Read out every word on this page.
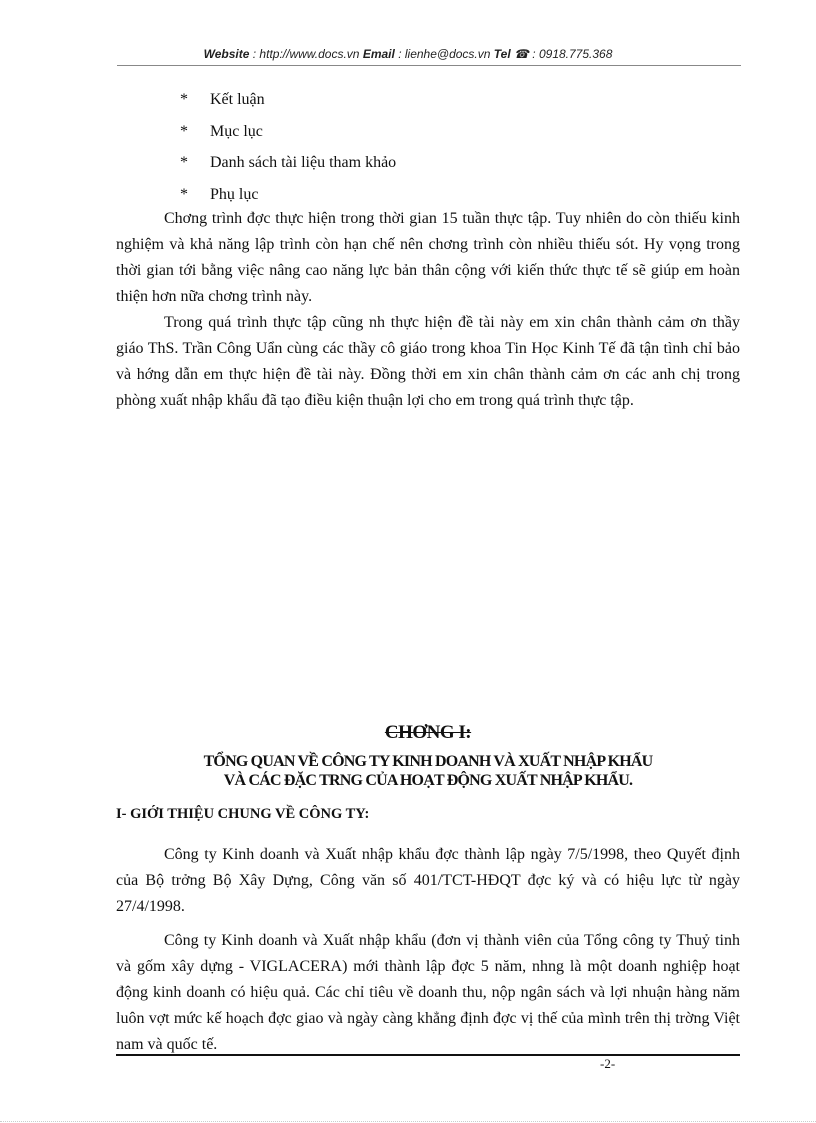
Website : http://www.docs.vn Email : lienhe@docs.vn Tel ☎ : 0918.775.368
* Kết luận
* Mục lục
* Danh sách tài liệu tham khảo
* Phụ lục

Chơng trình đợc thực hiện trong thời gian 15 tuần thực tập. Tuy nhiên do còn thiếu kinh nghiệm và khả năng lập trình còn hạn chế nên chơng trình còn nhiều thiếu sót. Hy vọng trong thời gian tới bằng việc nâng cao năng lực bản thân cộng với kiến thức thực tế sẽ giúp em hoàn thiện hơn nữa chơng trình này.

Trong quá trình thực tập cũng nh thực hiện đề tài này em xin chân thành cảm ơn thầy giáo ThS. Trần Công Uẩn cùng các thầy cô giáo trong khoa Tin Học Kinh Tế đã tận tình chỉ bảo và hớng dẫn em thực hiện đề tài này. Đồng thời em xin chân thành cảm ơn các anh chị trong phòng xuất nhập khẩu đã tạo điều kiện thuận lợi cho em trong quá trình thực tập.

CHƠNG I:
TỔNG QUAN VỀ CÔNG TY KINH DOANH VÀ XUẤT NHẬP KHẨU
VÀ CÁC ĐẶC TRNG CỦA HOẠT ĐỘNG XUẤT NHẬP KHẨU.
I- GIỚI THIỆU CHUNG VỀ CÔNG TY:

Công ty Kinh doanh và Xuất nhập khẩu đợc thành lập ngày 7/5/1998, theo Quyết định của Bộ trởng Bộ Xây Dựng, Công văn số 401/TCT-HĐQT đợc ký và có hiệu lực từ ngày 27/4/1998.

Công ty Kinh doanh và Xuất nhập khẩu (đơn vị thành viên của Tổng công ty Thuỷ tinh và gốm xây dựng - VIGLACERA) mới thành lập đợc 5 năm, nhng là một doanh nghiệp hoạt động kinh doanh có hiệu quả. Các chỉ tiêu về doanh thu, nộp ngân sách và lợi nhuận hàng năm luôn vợt mức kế hoạch đợc giao và ngày càng khẳng định đợc vị thế của mình trên thị trờng Việt nam và quốc tế.

-2-
